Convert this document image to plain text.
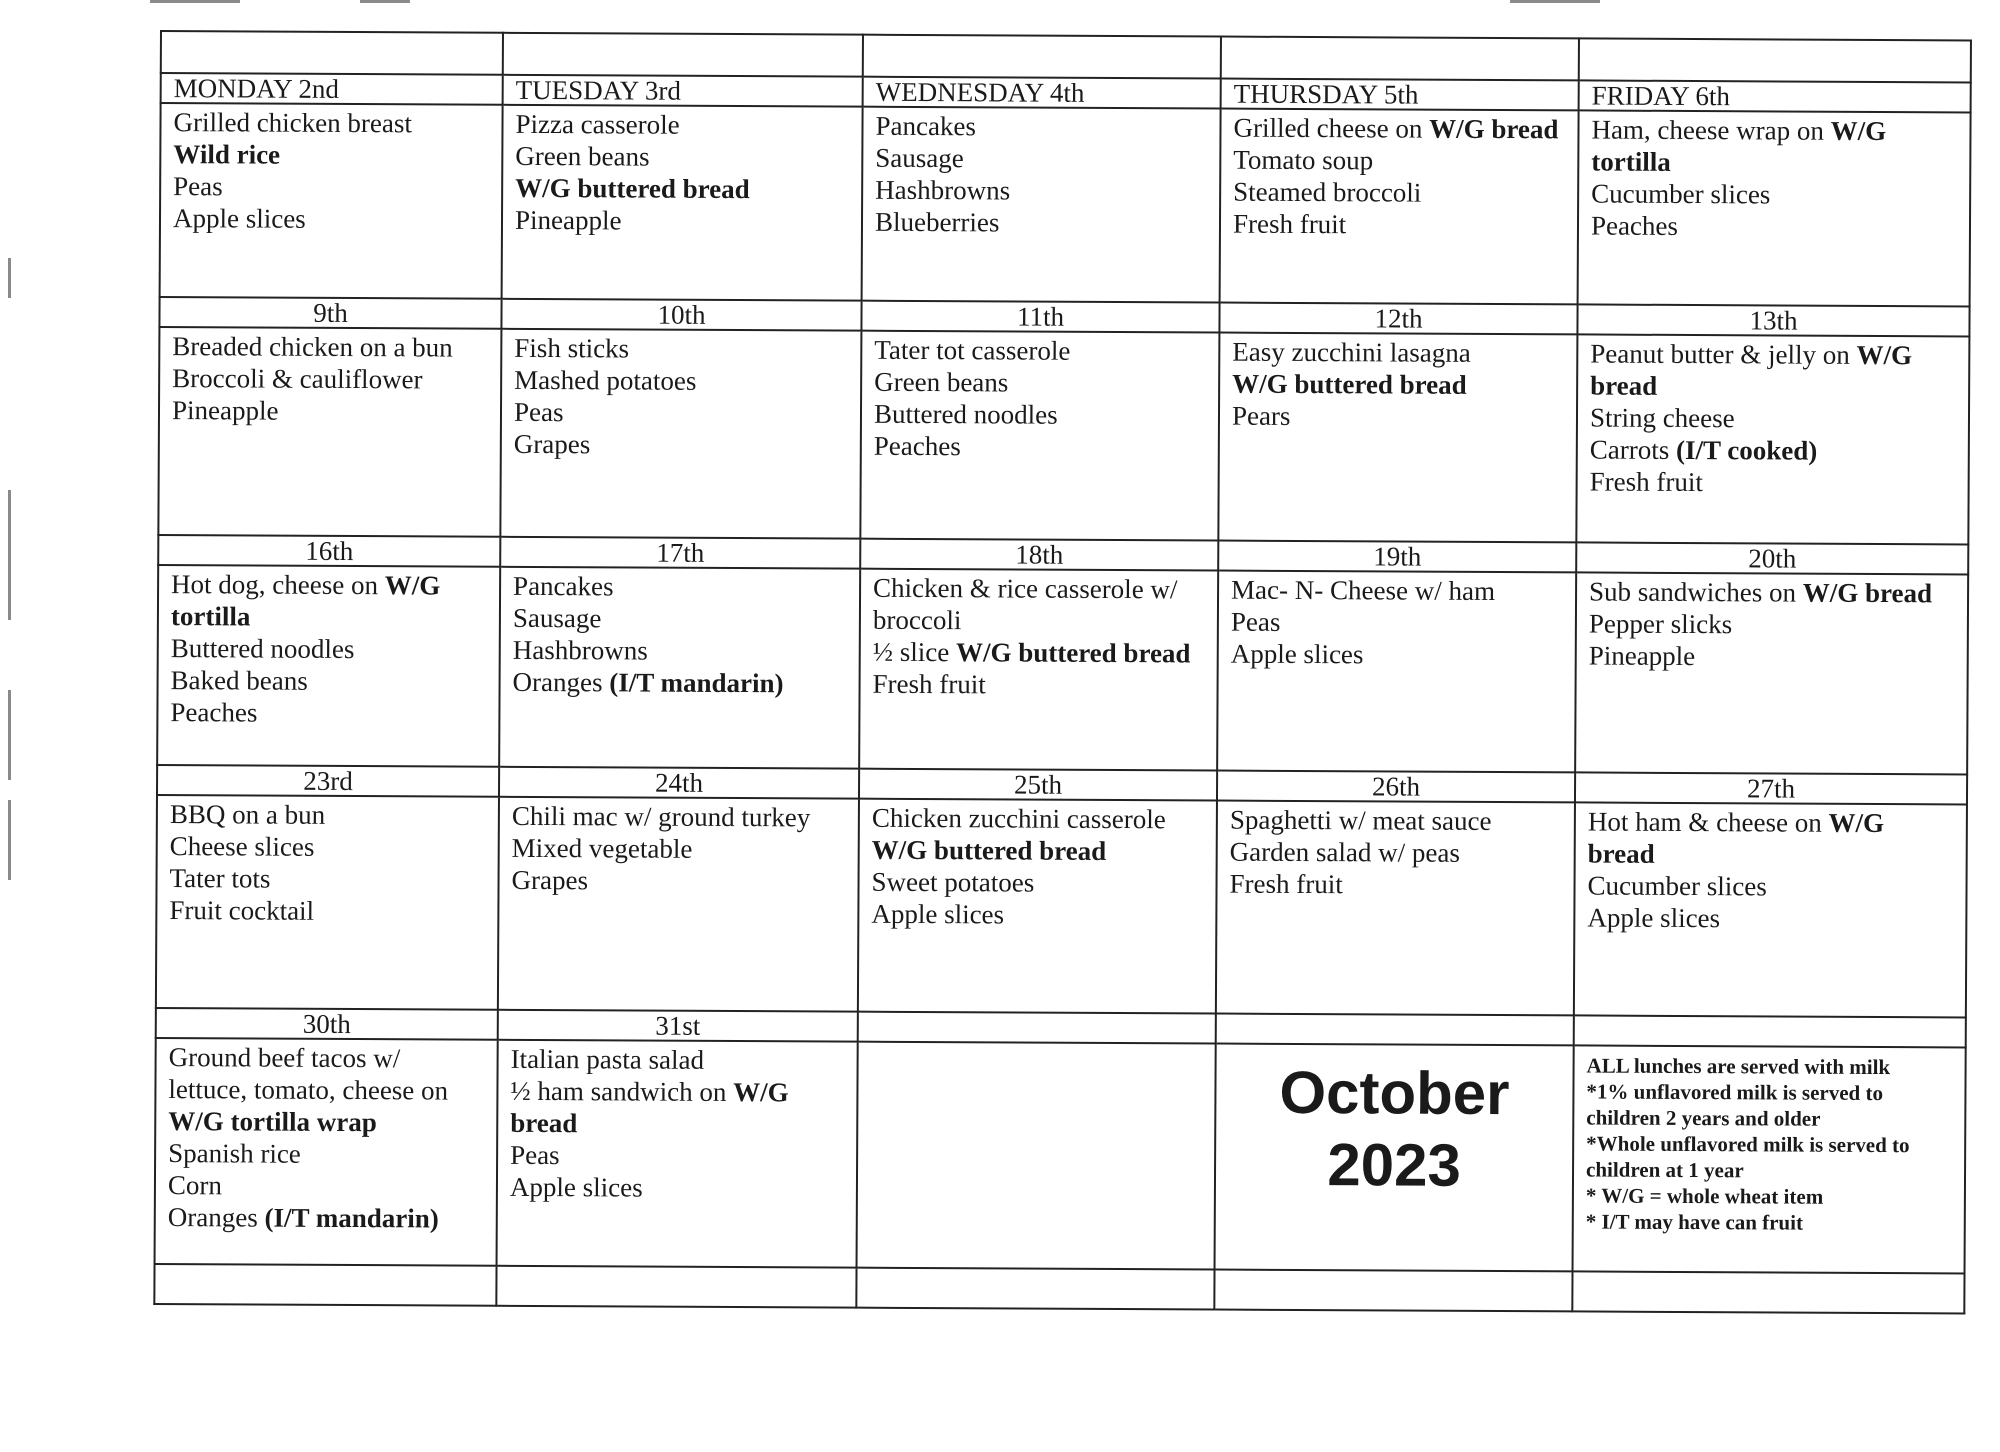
MONDAY 2nd	TUESDAY 3rd	WEDNESDAY 4th	THURSDAY 5th	FRIDAY 6th

Grilled chicken breast
Wild rice
Peas
Apple slices	Pizza casserole
Green beans
W/G buttered bread
Pineapple	Pancakes
Sausage
Hashbrowns
Blueberries	Grilled cheese on W/G bread
Tomato soup
Steamed broccoli
Fresh fruit	Ham, cheese wrap on W/G tortilla
Cucumber slices
Peaches

9th	10th	11th	12th	13th

Breaded chicken on a bun
Broccoli & cauliflower
Pineapple	Fish sticks
Mashed potatoes
Peas
Grapes	Tater tot casserole
Green beans
Buttered noodles
Peaches	Easy zucchini lasagna
W/G buttered bread
Pears	Peanut butter & jelly on W/G bread
String cheese
Carrots (I/T cooked)
Fresh fruit

16th	17th	18th	19th	20th

Hot dog, cheese on W/G tortilla
Buttered noodles
Baked beans
Peaches	Pancakes
Sausage
Hashbrowns
Oranges (I/T mandarin)	Chicken & rice casserole w/ broccoli
½ slice W/G buttered bread
Fresh fruit	Mac- N- Cheese w/ ham
Peas
Apple slices	Sub sandwiches on W/G bread
Pepper slicks
Pineapple

23rd	24th	25th	26th	27th

BBQ on a bun
Cheese slices
Tater tots
Fruit cocktail	Chili mac w/ ground turkey
Mixed vegetable
Grapes	Chicken zucchini casserole
W/G buttered bread
Sweet potatoes
Apple slices	Spaghetti w/ meat sauce
Garden salad w/ peas
Fresh fruit	Hot ham & cheese on W/G bread
Cucumber slices
Apple slices

30th	31st			

Ground beef tacos w/ lettuce, tomato, cheese on W/G tortilla wrap
Spanish rice
Corn
Oranges (I/T mandarin)	Italian pasta salad
½ ham sandwich on W/G bread
Peas
Apple slices		October
2023	ALL lunches are served with milk
*1% unflavored milk is served to children 2 years and older
*Whole unflavored milk is served to children at 1 year
* W/G = whole wheat item
* I/T may have can fruit
